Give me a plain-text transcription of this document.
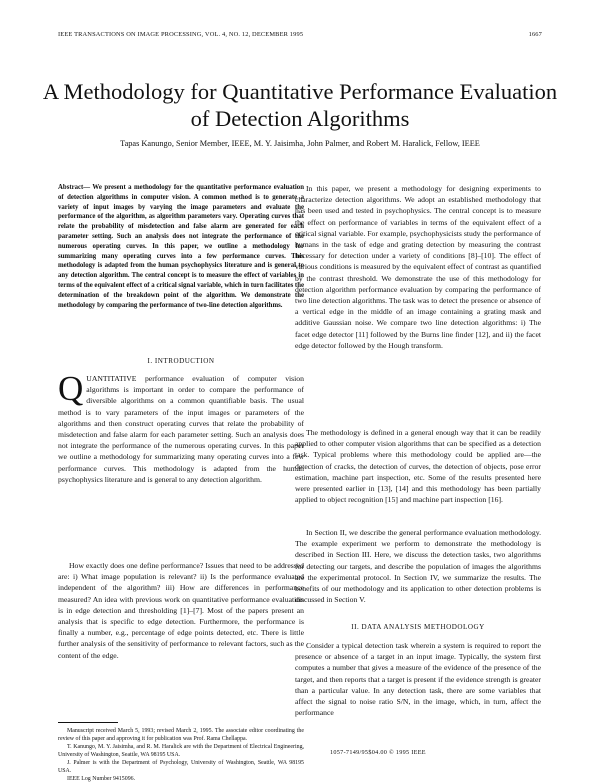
IEEE TRANSACTIONS ON IMAGE PROCESSING, VOL. 4, NO. 12, DECEMBER 1995	1667
A Methodology for Quantitative Performance Evaluation of Detection Algorithms
Tapas Kanungo, Senior Member, IEEE, M. Y. Jaisimha, John Palmer, and Robert M. Haralick, Fellow, IEEE
Abstract— We present a methodology for the quantitative performance evaluation of detection algorithms in computer vision. A common method is to generate a variety of input images by varying the image parameters and evaluate the performance of the algorithm, as algorithm parameters vary. Operating curves that relate the probability of misdetection and false alarm are generated for each parameter setting. Such an analysis does not integrate the performance of the numerous operating curves. In this paper, we outline a methodology for summarizing many operating curves into a few performance curves. This methodology is adapted from the human psychophysics literature and is general to any detection algorithm. The central concept is to measure the effect of variables in terms of the equivalent effect of a critical signal variable, which in turn facilitates the determination of the breakdown point of the algorithm. We demonstrate the methodology by comparing the performance of two-line detection algorithms.
I. INTRODUCTION
QUANTITATIVE performance evaluation of computer vision algorithms is important in order to compare the performance of diversible algorithms on a common quantifiable basis. The usual method is to vary parameters of the input images or parameters of the algorithms and then construct operating curves that relate the probability of misdetection and false alarm for each parameter setting. Such an analysis does not integrate the performance of the numerous operating curves. In this paper we outline a methodology for summarizing many operating curves into a few performance curves. This methodology is adapted from the human psychophysics literature and is general to any detection algorithm.
How exactly does one define performance? Issues that need to be addressed are: i) What image population is relevant? ii) Is the performance evaluated independent of the algorithm? iii) How are differences in performance measured? An idea with previous work on quantitative performance evaluation is in edge detection and thresholding [1]–[7]. Most of the papers present an analysis that is specific to edge detection. Furthermore, the performance is finally a number, e.g., percentage of edge points detected, etc. There is little further analysis of the sensitivity of performance to relevant factors, such as the content of the edge.
Manuscript received March 5, 1993; revised March 2, 1995. The associate editor coordinating the review of this paper and approving it for publication was Prof. Rama Chellappa.
T. Kanungo, M. Y. Jaisimha, and R. M. Haralick are with the Department of Electrical Engineering, University of Washington, Seattle, WA 98195 USA.
J. Palmer is with the Department of Psychology, University of Washington, Seattle, WA 98195 USA.
IEEE Log Number 9415096.
In this paper, we present a methodology for designing experiments to characterize detection algorithms. We adopt an established methodology that has been used and tested in psychophysics. The central concept is to measure the effect on performance of variables in terms of the equivalent effect of a critical signal variable. For example, psychophysicists study the performance of humans in the task of edge and grating detection by measuring the contrast necessary for detection under a variety of conditions [8]–[10]. The effect of various conditions is measured by the equivalent effect of contrast as quantified by the contrast threshold. We demonstrate the use of this methodology for detection algorithm performance evaluation by comparing the performance of two line detection algorithms. The task was to detect the presence or absence of a vertical edge in the middle of an image containing a grating mask and additive Gaussian noise. We compare two line detection algorithms: i) The facet edge detector [11] followed by the Burns line finder [12], and ii) the facet edge detector followed by the Hough transform.
The methodology is defined in a general enough way that it can be readily applied to other computer vision algorithms that can be specified as a detection task. Typical problems where this methodology could be applied are—the detection of cracks, the detection of curves, the detection of objects, pose error estimation, machine part inspection, etc. Some of the results presented here were presented earlier in [13], [14] and this methodology has been partially applied to object recognition [15] and machine part inspection [16].
In Section II, we describe the general performance evaluation methodology. The example experiment we perform to demonstrate the methodology is described in Section III. Here, we discuss the detection tasks, two algorithms for detecting our targets, and describe the population of images the algorithms are the experimental protocol. In Section IV, we summarize the results. The benefits of our methodology and its application to other detection problems is discussed in Section V.
II. DATA ANALYSIS METHODOLOGY
Consider a typical detection task wherein a system is required to report the presence or absence of a target in an input image. Typically, the system first computes a number that gives a measure of the evidence of the presence of the target, and then reports that a target is present if the evidence strength is greater than a particular value. In any detection task, there are some variables that affect the signal to noise ratio S/N, in the image, which, in turn, affect the performance
1057-7149/95$04.00 © 1995 IEEE
